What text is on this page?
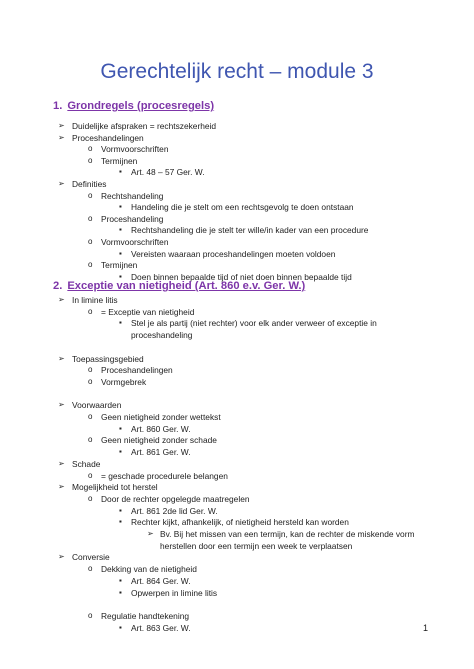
Gerechtelijk recht – module 3
1. Grondregels (procesregels)
➢ Duidelijke afspraken = rechtszekerheid
➢ Proceshandelingen
o Vormvoorschriften
o Termijnen
▪ Art. 48 – 57 Ger. W.
➢ Definities
o Rechtshandeling
▪ Handeling die je stelt om een rechtsgevolg te doen ontstaan
o Proceshandeling
▪ Rechtshandeling die je stelt ter wille/in kader van een procedure
o Vormvoorschriften
▪ Vereisten waaraan proceshandelingen moeten voldoen
o Termijnen
▪ Doen binnen bepaalde tijd of niet doen binnen bepaalde tijd
2. Exceptie van nietigheid (Art. 860 e.v. Ger. W.)
➢ In limine litis
o = Exceptie van nietigheid
▪ Stel je als partij (niet rechter) voor elk ander verweer of exceptie in
proceshandeling
➢ Toepassingsgebied
o Proceshandelingen
o Vormgebrek
➢ Voorwaarden
o Geen nietigheid zonder wettekst
▪ Art. 860 Ger. W.
o Geen nietigheid zonder schade
▪ Art. 861 Ger. W.
➢ Schade
o = geschade procedurele belangen
➢ Mogelijkheid tot herstel
o Door de rechter opgelegde maatregelen
▪ Art. 861 2de lid Ger. W.
▪ Rechter kijkt, afhankelijk, of nietigheid hersteld kan worden
➢ Bv. Bij het missen van een termijn, kan de rechter de miskende vorm
herstellen door een termijn een week te verplaatsen
➢ Conversie
o Dekking van de nietigheid
▪ Art. 864 Ger. W.
▪ Opwerpen in limine litis
o Regulatie handtekening
▪ Art. 863 Ger. W.	1
